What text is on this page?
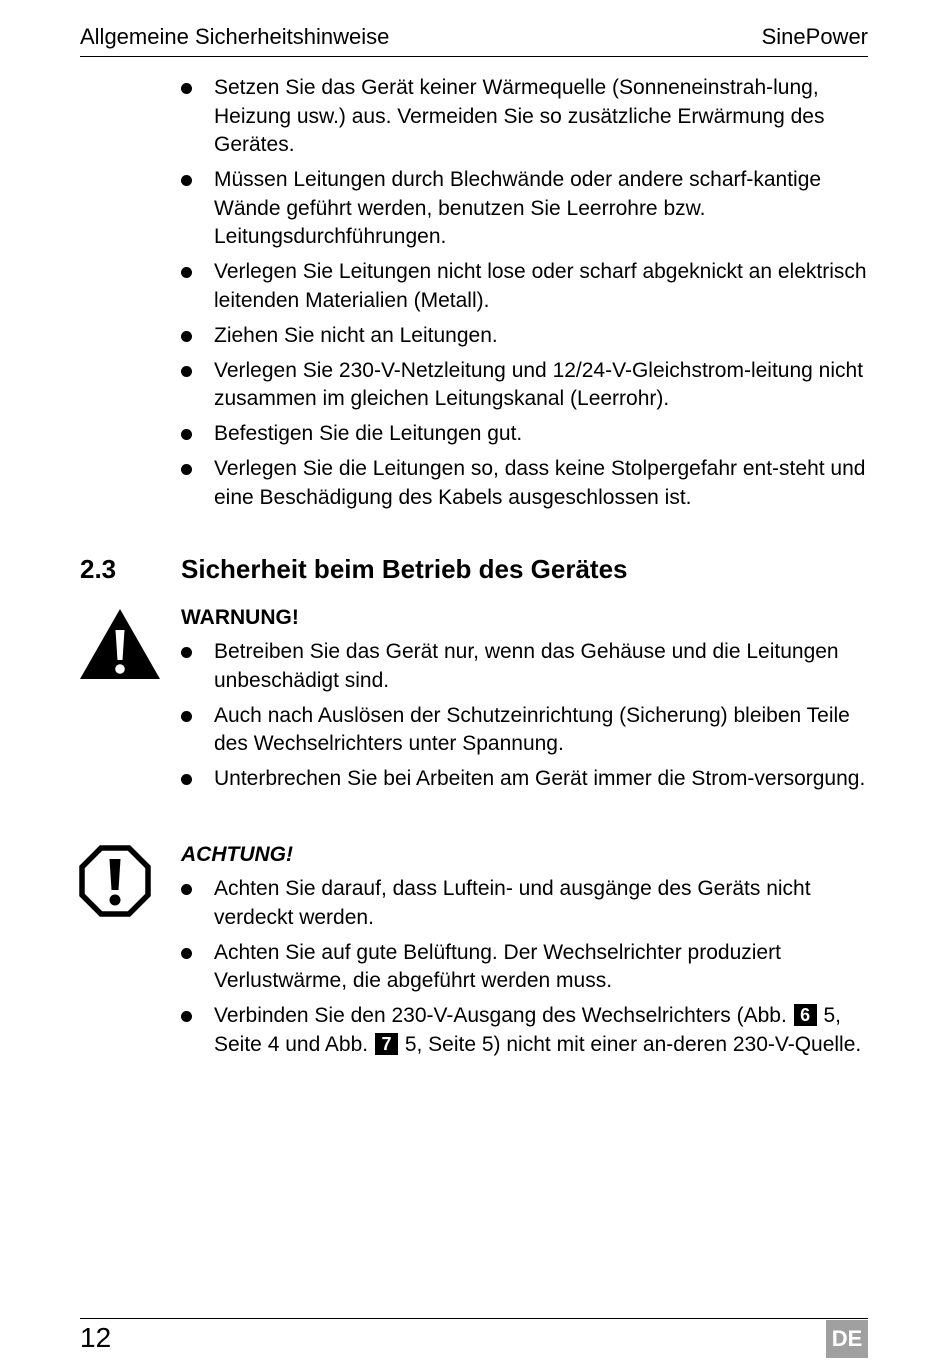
Allgemeine Sicherheitshinweise	SinePower
Setzen Sie das Gerät keiner Wärmequelle (Sonneneinstrah-lung, Heizung usw.) aus. Vermeiden Sie so zusätzliche Erwärmung des Gerätes.
Müssen Leitungen durch Blechwände oder andere scharf-kantige Wände geführt werden, benutzen Sie Leerrohre bzw. Leitungsdurchführungen.
Verlegen Sie Leitungen nicht lose oder scharf abgeknickt an elektrisch leitenden Materialien (Metall).
Ziehen Sie nicht an Leitungen.
Verlegen Sie 230-V-Netzleitung und 12/24-V-Gleichstrom-leitung nicht zusammen im gleichen Leitungskanal (Leerrohr).
Befestigen Sie die Leitungen gut.
Verlegen Sie die Leitungen so, dass keine Stolpergefahr ent-steht und eine Beschädigung des Kabels ausgeschlossen ist.
2.3 Sicherheit beim Betrieb des Gerätes
WARNUNG!
Betreiben Sie das Gerät nur, wenn das Gehäuse und die Leitungen unbeschädigt sind.
Auch nach Auslösen der Schutzeinrichtung (Sicherung) bleiben Teile des Wechselrichters unter Spannung.
Unterbrechen Sie bei Arbeiten am Gerät immer die Strom-versorgung.
ACHTUNG!
Achten Sie darauf, dass Luftein- und ausgänge des Geräts nicht verdeckt werden.
Achten Sie auf gute Belüftung. Der Wechselrichter produziert Verlustwärme, die abgeführt werden muss.
Verbinden Sie den 230-V-Ausgang des Wechselrichters (Abb. 6 5, Seite 4 und Abb. 7 5, Seite 5) nicht mit einer an-deren 230-V-Quelle.
12	DE
